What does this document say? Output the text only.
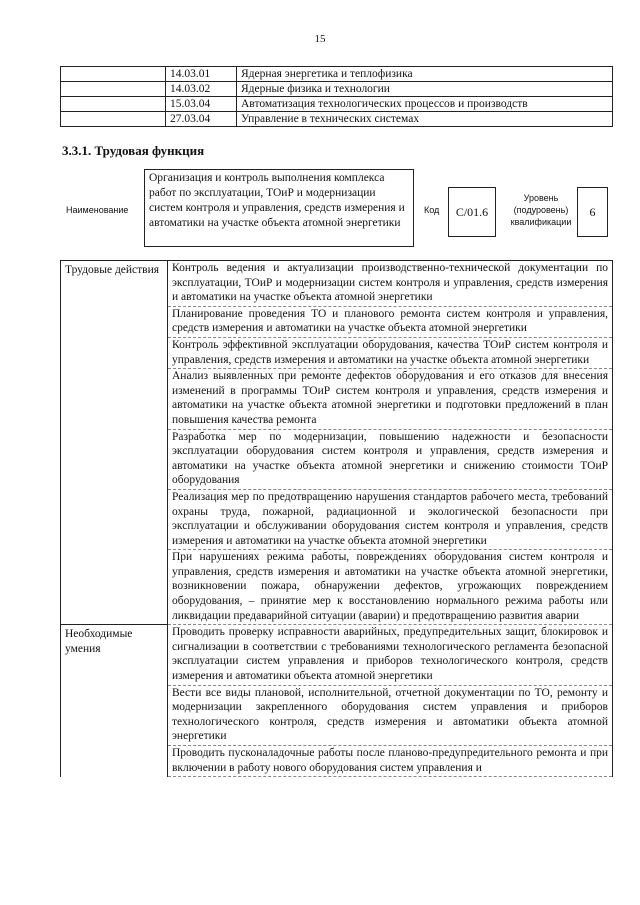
15
	14.03.01	Ядерная энергетика и теплофизика
	14.03.02	Ядерные физика и технологии
	15.03.04	Автоматизация технологических процессов и производств
	27.03.04	Управление в технических системах
3.3.1. Трудовая функция
Наименование
Организация и контроль выполнения комплекса работ по эксплуатации, ТОиР и модернизации систем контроля и управления, средств измерения и автоматики на участке объекта атомной энергетики
Код	С/01.6
Уровень (подуровень) квалификации
6
Трудовые действия	Контроль ведения и актуализации производственно-технической документации по эксплуатации, ТОиР и модернизации систем контроля и управления, средств измерения и автоматики на участке объекта атомной энергетики
	Планирование проведения ТО и планового ремонта систем контроля и управления, средств измерения и автоматики на участке объекта атомной энергетики
	Контроль эффективной эксплуатации оборудования, качества ТОиР систем контроля и управления, средств измерения и автоматики на участке объекта атомной энергетики
	Анализ выявленных при ремонте дефектов оборудования и его отказов для внесения изменений в программы ТОиР систем контроля и управления, средств измерения и автоматики на участке объекта атомной энергетики и подготовки предложений в план повышения качества ремонта
	Разработка мер по модернизации, повышению надежности и безопасности эксплуатации оборудования систем контроля и управления, средств измерения и автоматики на участке объекта атомной энергетики и снижению стоимости ТОиР оборудования
	Реализация мер по предотвращению нарушения стандартов рабочего места, требований охраны труда, пожарной, радиационной и экологической безопасности при эксплуатации и обслуживании оборудования систем контроля и управления, средств измерения и автоматики на участке объекта атомной энергетики
	При нарушениях режима работы, повреждениях оборудования систем контроля и управления, средств измерения и автоматики на участке объекта атомной энергетики, возникновении пожара, обнаружении дефектов, угрожающих повреждением оборудования, – принятие мер к восстановлению нормального режима работы или ликвидации предаварийной ситуации (аварии) и предотвращению развития аварии
Необходимые умения	Проводить проверку исправности аварийных, предупредительных защит, блокировок и сигнализации в соответствии с требованиями технологического регламента безопасной эксплуатации систем управления и приборов технологического контроля, средств измерения и автоматики объекта атомной энергетики
	Вести все виды плановой, исполнительной, отчетной документации по ТО, ремонту и модернизации закрепленного оборудования систем управления и приборов технологического контроля, средств измерения и автоматики объекта атомной энергетики
	Проводить пусконаладочные работы после планово-предупредительного ремонта и при включении в работу нового оборудования систем управления и
